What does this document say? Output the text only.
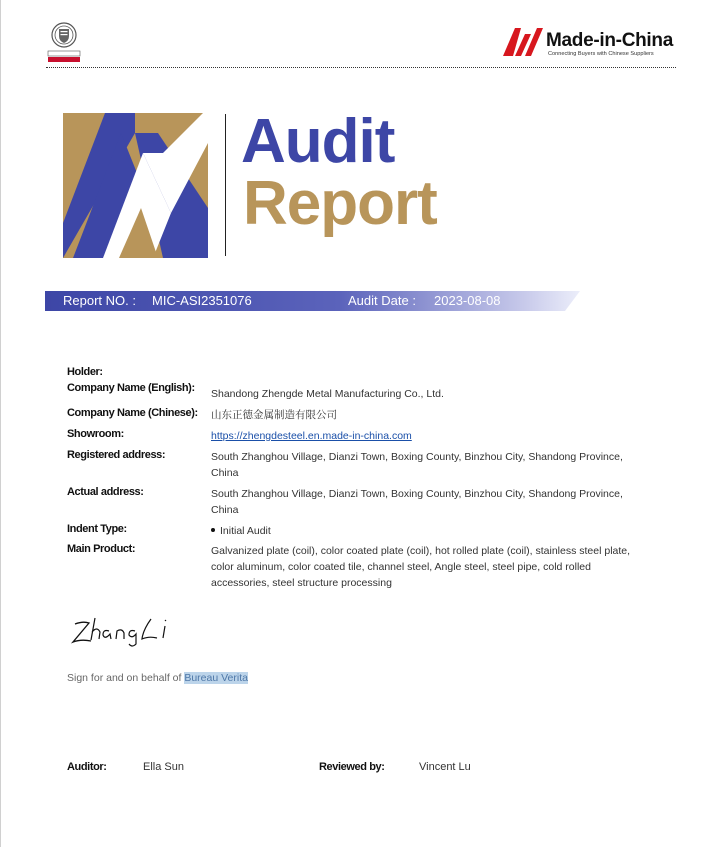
Made-in-China
Connecting Buyers with Chinese Suppliers
Audit
Report
Report NO. : MIC-ASI2351076	Audit Date : 2023-08-08
Holder:
Company Name (English): Shandong Zhengde Metal Manufacturing Co., Ltd.
Company Name (Chinese): 山东正德金属制造有限公司
Showroom:	https://zhengdesteel.en.made-in-china.com
Registered address:	South Zhanghou Village, Dianzi Town, Boxing County, Binzhou City, Shandong Province, China
Actual address:	South Zhanghou Village, Dianzi Town, Boxing County, Binzhou City, Shandong Province, China
Indent Type:	Initial Audit
Main Product:	Galvanized plate (coil), color coated plate (coil), hot rolled plate (coil), stainless steel plate, color aluminum, color coated tile, channel steel, Angle steel, steel pipe, cold rolled accessories, steel structure processing
Sign for and on behalf of Bureau Verita
Auditor:	Ella Sun	Reviewed by:	Vincent Lu
